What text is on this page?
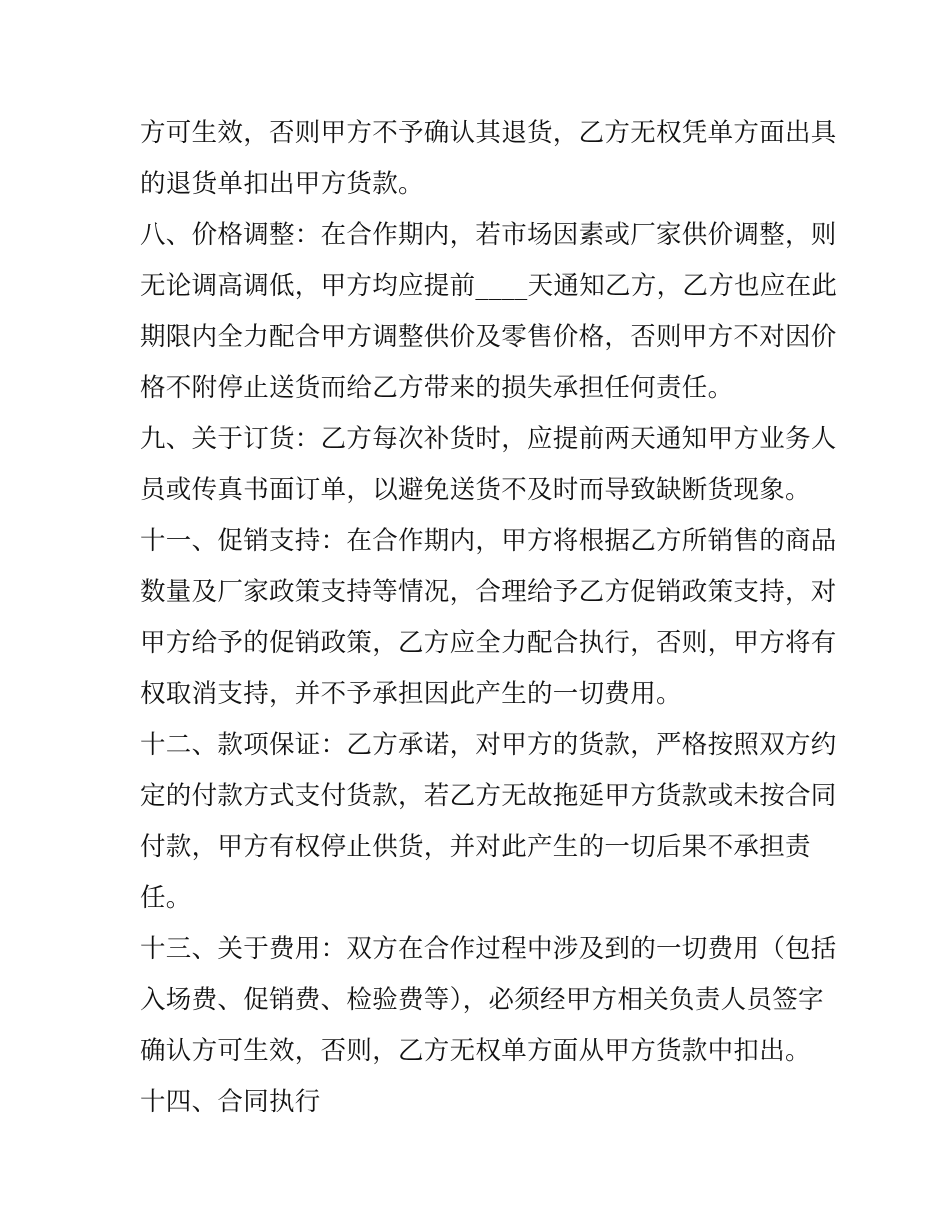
方可生效，否则甲方不予确认其退货，乙方无权凭单方面出具
的退货单扣出甲方货款。
八、价格调整：在合作期内，若市场因素或厂家供价调整，则
无论调高调低，甲方均应提前____天通知乙方，乙方也应在此
期限内全力配合甲方调整供价及零售价格，否则甲方不对因价
格不附停止送货而给乙方带来的损失承担任何责任。
九、关于订货：乙方每次补货时，应提前两天通知甲方业务人
员或传真书面订单，以避免送货不及时而导致缺断货现象。
十一、促销支持：在合作期内，甲方将根据乙方所销售的商品
数量及厂家政策支持等情况，合理给予乙方促销政策支持，对
甲方给予的促销政策，乙方应全力配合执行，否则，甲方将有
权取消支持，并不予承担因此产生的一切费用。
十二、款项保证：乙方承诺，对甲方的货款，严格按照双方约
定的付款方式支付货款，若乙方无故拖延甲方货款或未按合同
付款，甲方有权停止供货，并对此产生的一切后果不承担责
任。
十三、关于费用：双方在合作过程中涉及到的一切费用（包括
入场费、促销费、检验费等），必须经甲方相关负责人员签字
确认方可生效，否则，乙方无权单方面从甲方货款中扣出。
十四、合同执行
